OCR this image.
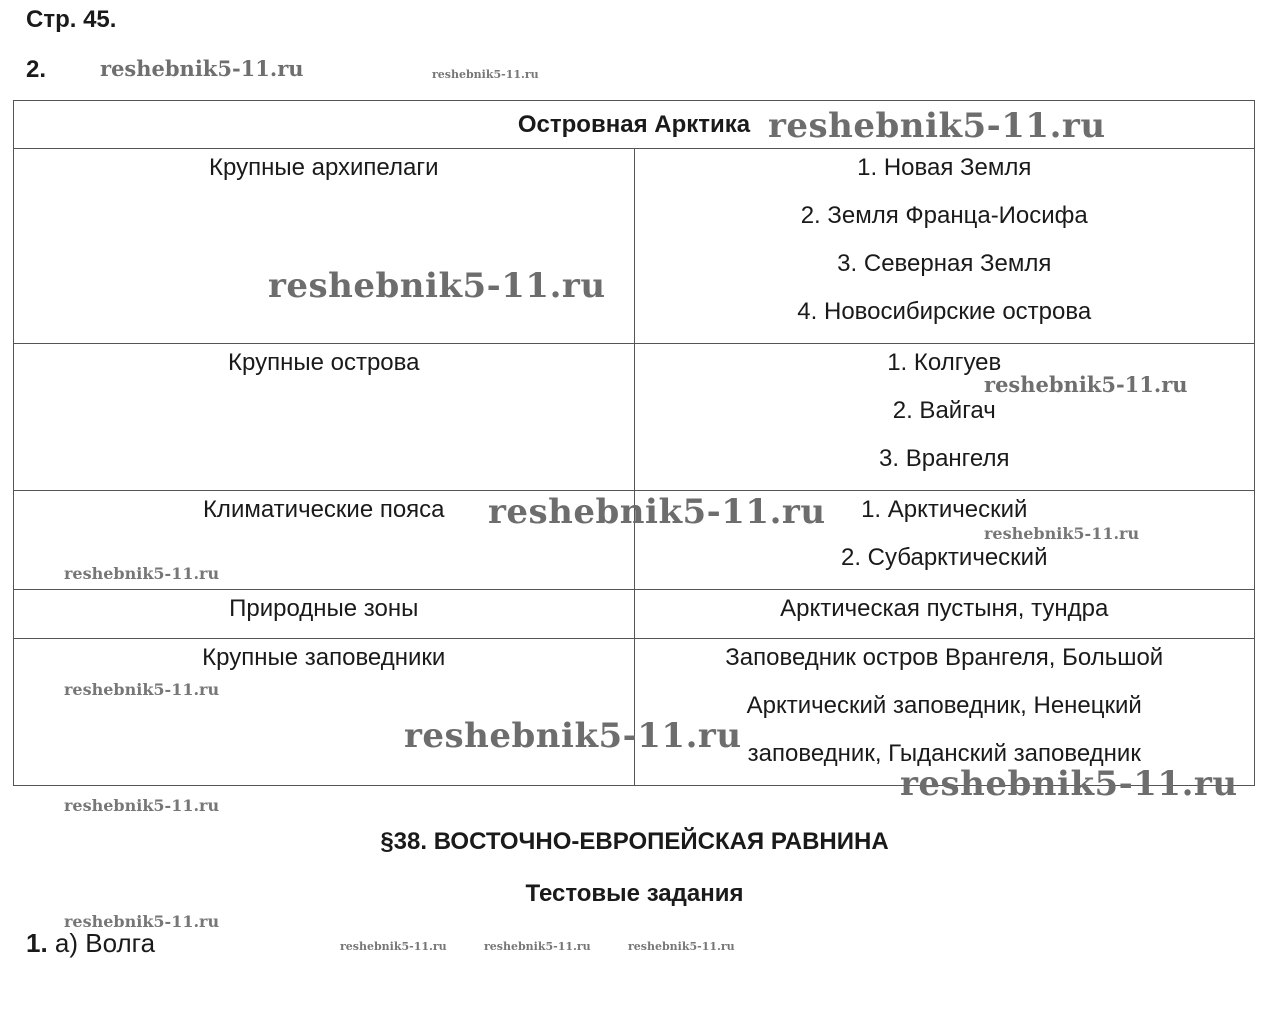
Стр. 45.
2.
Островная Арктика	

Крупные архипелаги	1. Новая Земля
2. Земля Франца-Иосифа
3. Северная Земля
4. Новосибирские острова

Крупные острова	1. Колгуев
2. Вайгач
3. Врангеля

Климатические пояса	1. Арктический
2. Субарктический

Природные зоны	Арктическая пустыня, тундра

Крупные заповедники	Заповедник остров Врангеля, Большой
Арктический заповедник, Ненецкий
заповедник, Гыданский заповедник
§38. ВОСТОЧНО-ЕВРОПЕЙСКАЯ РАВНИНА
Тестовые задания
1. а) Волга
reshebnik5-11.ru	reshebnik5-11.ru
reshebnik5-11.ru
reshebnik5-11.ru
reshebnik5-11.ru
reshebnik5-11.ru
reshebnik5-11.ru
reshebnik5-11.ru
reshebnik5-11.ru
reshebnik5-11.ru
reshebnik5-11.ru
reshebnik5-11.ru
reshebnik5-11.ru
reshebnik5-11.ru	reshebnik5-11.ru	reshebnik5-11.ru
